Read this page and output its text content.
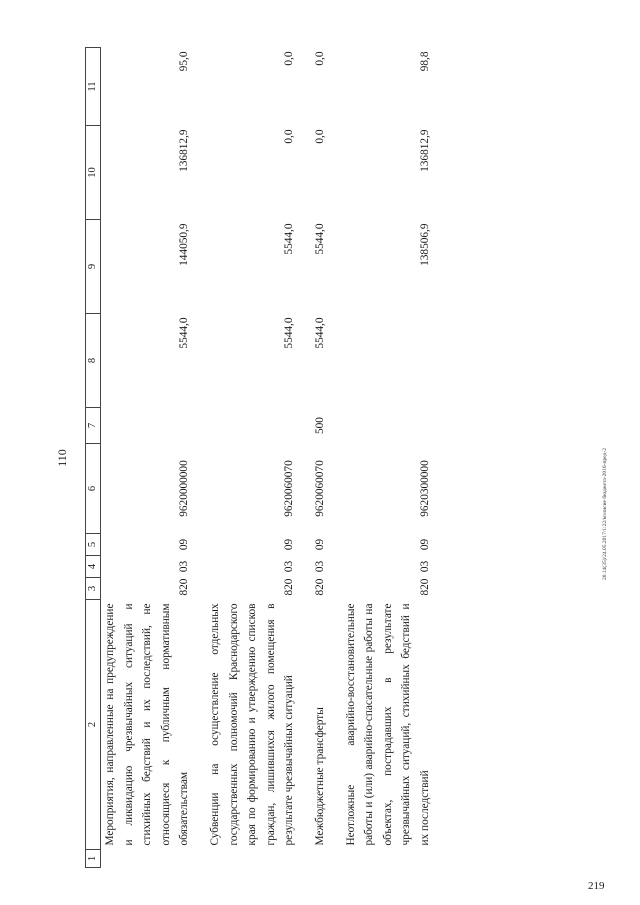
219
20.14(35)/24.05.2017/1:22/мэлисие бюджета-2016-пред-2
110
1	2	3	4	5	6	7	8	9	10	11
	Мероприятия, направленные на предупреждение и ликвидацию чрезвычайных ситуаций и стихийных бедствий и их последствий, не относящиеся к публичным нормативным обязательствам	820	03	09	9620000000		5544,0	144050,9	136812,9	95,0

	Субвенции на осуществление отдельных государственных полномочий Краснодарского края по формированию и утверждению списков граждан, лишившихся жилого помещения в результате чрезвычайных ситуаций	820	03	09	9620060070		5544,0	5544,0	0,0	0,0

	Межбюджетные трансферты	820	03	09	9620060070	500	5544,0	5544,0	0,0	0,0

	Неотложные аварийно-восстановительные работы и (или) аварийно-спасательные работы на объектах, пострадавших в результате чрезвычайных ситуаций, стихийных бедствий и их последствий	820	03	09	9620300000			138506,9	136812,9	98,8
